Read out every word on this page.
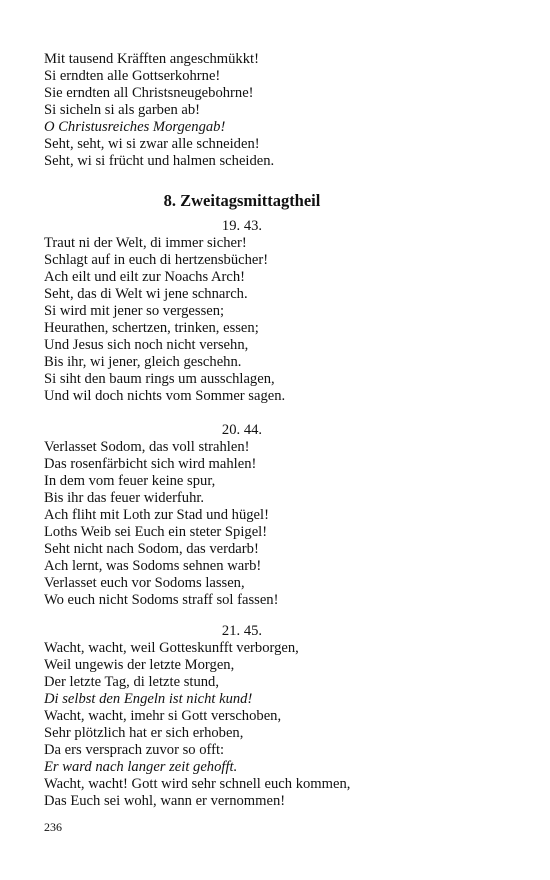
Mit tausend Kräfften angeschmükkt!
Si erndten alle Gottserkohrne!
Sie erndten all Christsneugebohrne!
Si sicheln si als garben ab!
O Christusreiches Morgengab!
Seht, seht, wi si zwar alle schneiden!
Seht, wi si frücht und halmen scheiden.
8. Zweitagsmittagtheil
19. 43.
Traut ni der Welt, di immer sicher!
Schlagt auf in euch di hertzensbücher!
Ach eilt und eilt zur Noachs Arch!
Seht, das di Welt wi jene schnarch.
Si wird mit jener so vergessen;
Heurathen, schertzen, trinken, essen;
Und Jesus sich noch nicht versehn,
Bis ihr, wi jener, gleich geschehn.
Si siht den baum rings um ausschlagen,
Und wil doch nichts vom Sommer sagen.
20. 44.
Verlasset Sodom, das voll strahlen!
Das rosenfärbicht sich wird mahlen!
In dem vom feuer keine spur,
Bis ihr das feuer widerfuhr.
Ach fliht mit Loth zur Stad und hügel!
Loths Weib sei Euch ein steter Spigel!
Seht nicht nach Sodom, das verdarb!
Ach lernt, was Sodoms sehnen warb!
Verlasset euch vor Sodoms lassen,
Wo euch nicht Sodoms straff sol fassen!
21. 45.
Wacht, wacht, weil Gotteskunfft verborgen,
Weil ungewis der letzte Morgen,
Der letzte Tag, di letzte stund,
Di selbst den Engeln ist nicht kund!
Wacht, wacht, imehr si Gott verschoben,
Sehr plötzlich hat er sich erhoben,
Da ers versprach zuvor so offt:
Er ward nach langer zeit gehofft.
Wacht, wacht! Gott wird sehr schnell euch kommen,
Das Euch sei wohl, wann er vernommen!
236
